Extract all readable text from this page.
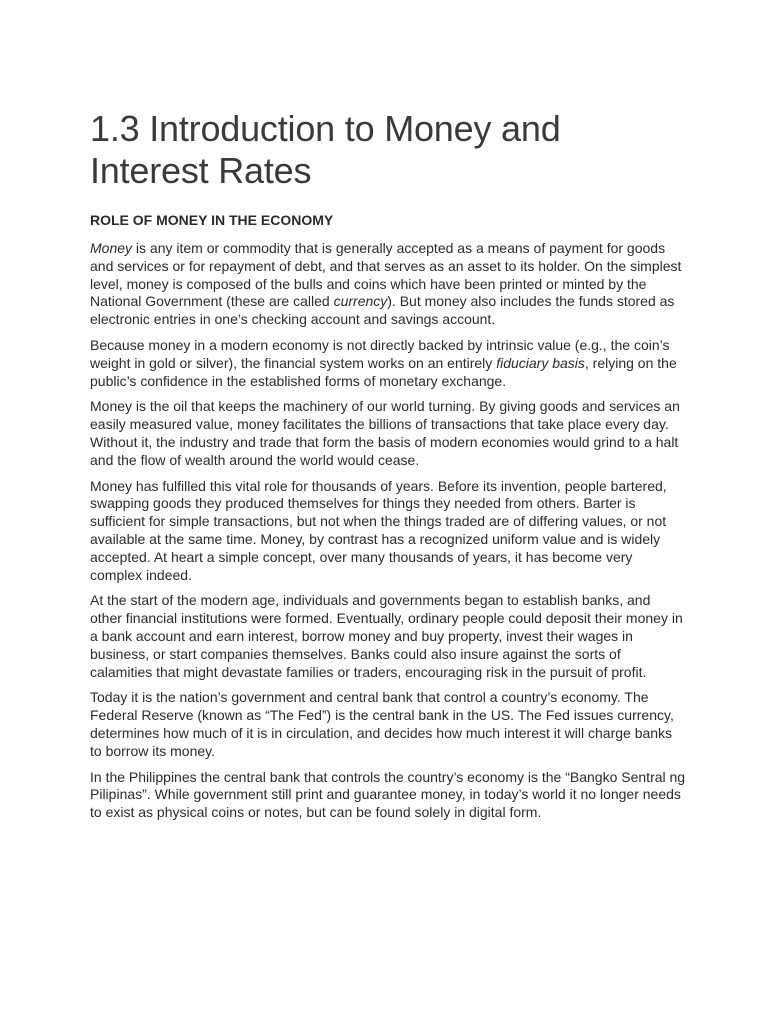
1.3 Introduction to Money and Interest Rates
ROLE OF MONEY IN THE ECONOMY

Money is any item or commodity that is generally accepted as a means of payment for goods and services or for repayment of debt, and that serves as an asset to its holder. On the simplest level, money is composed of the bulls and coins which have been printed or minted by the National Government (these are called currency). But money also includes the funds stored as electronic entries in one’s checking account and savings account.

Because money in a modern economy is not directly backed by intrinsic value (e.g., the coin’s weight in gold or silver), the financial system works on an entirely fiduciary basis, relying on the public’s confidence in the established forms of monetary exchange.

Money is the oil that keeps the machinery of our world turning. By giving goods and services an easily measured value, money facilitates the billions of transactions that take place every day. Without it, the industry and trade that form the basis of modern economies would grind to a halt and the flow of wealth around the world would cease.

Money has fulfilled this vital role for thousands of years. Before its invention, people bartered, swapping goods they produced themselves for things they needed from others. Barter is sufficient for simple transactions, but not when the things traded are of differing values, or not available at the same time. Money, by contrast has a recognized uniform value and is widely accepted. At heart a simple concept, over many thousands of years, it has become very complex indeed.

At the start of the modern age, individuals and governments began to establish banks, and other financial institutions were formed. Eventually, ordinary people could deposit their money in a bank account and earn interest, borrow money and buy property, invest their wages in business, or start companies themselves. Banks could also insure against the sorts of calamities that might devastate families or traders, encouraging risk in the pursuit of profit.

Today it is the nation’s government and central bank that control a country’s economy. The Federal Reserve (known as “The Fed”) is the central bank in the US. The Fed issues currency, determines how much of it is in circulation, and decides how much interest it will charge banks to borrow its money.

In the Philippines the central bank that controls the country’s economy is the “Bangko Sentral ng Pilipinas”. While government still print and guarantee money, in today’s world it no longer needs to exist as physical coins or notes, but can be found solely in digital form.
